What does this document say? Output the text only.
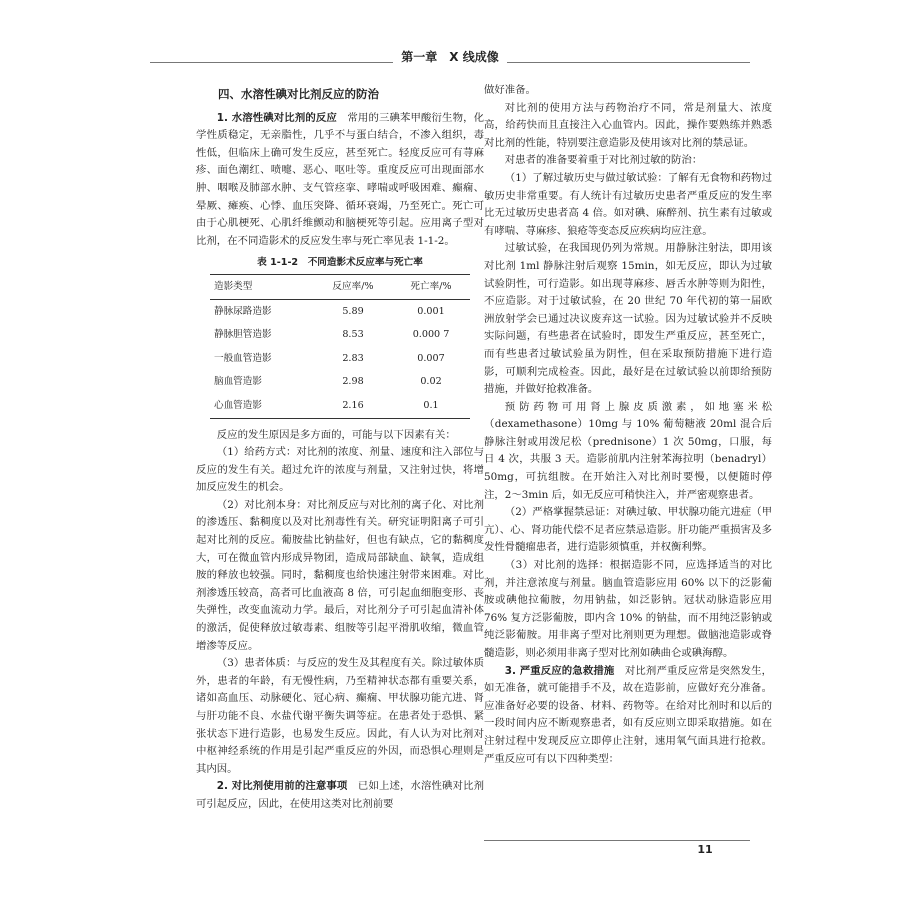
第一章　X 线成像
四、水溶性碘对比剂反应的防治

1. 水溶性碘对比剂的反应　常用的三碘苯甲酸衍生物，化学性质稳定，无亲脂性，几乎不与蛋白结合，不渗入组织，毒性低，但临床上确可发生反应，甚至死亡。轻度反应可有荨麻疹、面色潮红、喷嚏、恶心、呕吐等。重度反应可出现面部水肿、咽喉及肺部水肿、支气管痉挛、哮喘或呼吸困难、癫痫、晕厥、瘫痪、心悸、血压突降、循环衰竭，乃至死亡。死亡可由于心肌梗死、心肌纤维颤动和脑梗死等引起。应用离子型对比剂，在不同造影术的反应发生率与死亡率见表 1-1-2。

表 1-1-2　不同造影术反应率与死亡率
造影类型	反应率/%	死亡率/%
静脉尿路造影	5.89	0.001
静脉胆管造影	8.53	0.000 7
一般血管造影	2.83	0.007
脑血管造影	2.98	0.02
心血管造影	2.16	0.1

反应的发生原因是多方面的，可能与以下因素有关：

（1）给药方式：对比剂的浓度、剂量、速度和注入部位与反应的发生有关。超过允许的浓度与剂量，又注射过快，将增加反应发生的机会。

（2）对比剂本身：对比剂反应与对比剂的离子化、对比剂的渗透压、黏稠度以及对比剂毒性有关。研究证明阳离子可引起对比剂的反应。葡胺盐比钠盐好，但也有缺点，它的黏稠度大，可在微血管内形成异物团，造成局部缺血、缺氧，造成组胺的释放也较强。同时，黏稠度也给快速注射带来困难。对比剂渗透压较高，高者可比血液高 8 倍，可引起血细胞变形、丧失弹性，改变血流动力学。最后，对比剂分子可引起血清补体的激活，促使释放过敏毒素、组胺等引起平滑肌收缩，微血管增渗等反应。

（3）患者体质：与反应的发生及其程度有关。除过敏体质外，患者的年龄，有无慢性病，乃至精神状态都有重要关系，诸如高血压、动脉硬化、冠心病、癫痫、甲状腺功能亢进、肾与肝功能不良、水盐代谢平衡失调等症。在患者处于恐惧、紧张状态下进行造影，也易发生反应。因此，有人认为对比剂对中枢神经系统的作用是引起严重反应的外因，而恐惧心理则是其内因。

2. 对比剂使用前的注意事项　已如上述，水溶性碘对比剂可引起反应，因此，在使用这类对比剂前要

做好准备。

对比剂的使用方法与药物治疗不同，常是剂量大、浓度高，给药快而且直接注入心血管内。因此，操作要熟练并熟悉对比剂的性能，特别要注意造影及使用该对比剂的禁忌证。

对患者的准备要着重于对比剂过敏的防治：

（1）了解过敏历史与做过敏试验：了解有无食物和药物过敏历史非常重要。有人统计有过敏历史患者严重反应的发生率比无过敏历史患者高 4 倍。如对碘、麻醉剂、抗生素有过敏或有哮喘、荨麻疹、狼疮等变态反应疾病均应注意。

过敏试验，在我国现仍列为常规。用静脉注射法，即用该对比剂 1ml 静脉注射后观察 15min，如无反应，即认为过敏试验阴性，可行造影。如出现荨麻疹、唇舌水肿等则为阳性，不应造影。对于过敏试验，在 20 世纪 70 年代初的第一届欧洲放射学会已通过决议废弃这一试验。因为过敏试验并不反映实际问题，有些患者在试验时，即发生严重反应，甚至死亡，而有些患者过敏试验虽为阴性，但在采取预防措施下进行造影，可顺利完成检查。因此，最好是在过敏试验以前即给预防措施，并做好抢救准备。

预防药物可用肾上腺皮质激素，如地塞米松（dexamethasone）10mg 与 10% 葡萄糖液 20ml 混合后静脉注射或用泼尼松（prednisone）1 次 50mg，口服，每日 4 次，共服 3 天。造影前肌内注射苯海拉明（benadryl）50mg，可抗组胺。在开始注入对比剂时要慢，以便随时停注，2～3min 后，如无反应可稍快注入，并严密观察患者。

（2）严格掌握禁忌证：对碘过敏、甲状腺功能亢进症（甲亢）、心、肾功能代偿不足者应禁忌造影。肝功能严重损害及多发性骨髓瘤患者，进行造影须慎重，并权衡利弊。

（3）对比剂的选择：根据造影不同，应选择适当的对比剂，并注意浓度与剂量。脑血管造影应用 60% 以下的泛影葡胺或碘他拉葡胺，勿用钠盐，如泛影钠。冠状动脉造影应用 76% 复方泛影葡胺，即内含 10% 的钠盐，而不用纯泛影钠或纯泛影葡胺。用非离子型对比剂则更为理想。做脑池造影或脊髓造影，则必须用非离子型对比剂如碘曲仑或碘海醇。

3. 严重反应的急救措施　对比剂严重反应常是突然发生，如无准备，就可能措手不及，故在造影前，应做好充分准备。应准备好必要的设备、材料、药物等。在给对比剂时和以后的一段时间内应不断观察患者，如有反应则立即采取措施。如在注射过程中发现反应立即停止注射，速用氧气面具进行抢救。严重反应可有以下四种类型：

11
